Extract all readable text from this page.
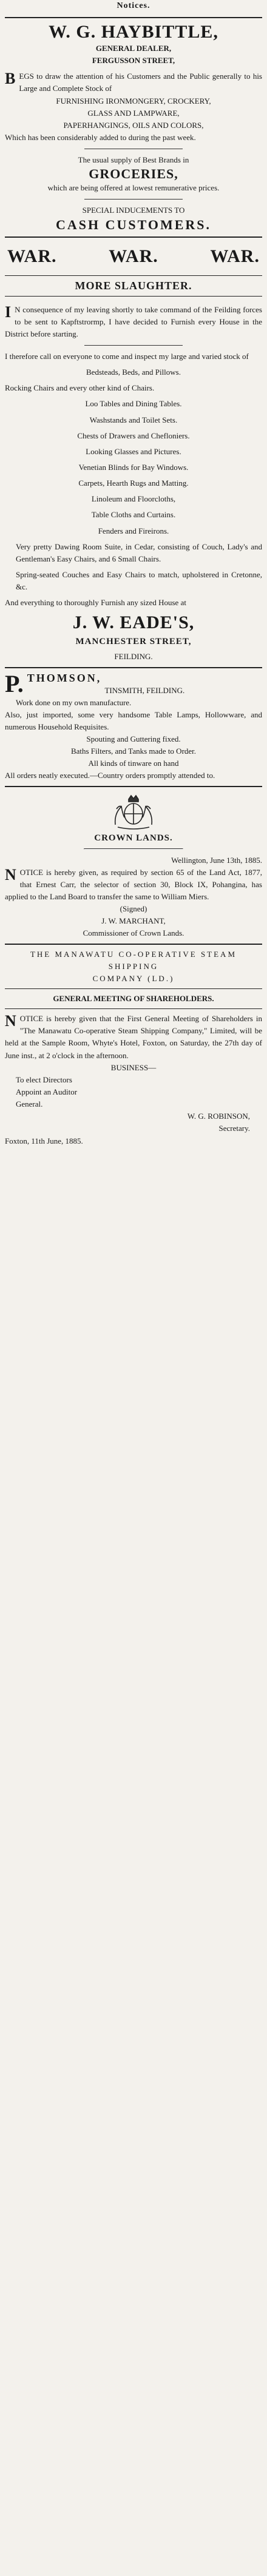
Notices.
W. G. HAYBITTLE,
GENERAL DEALER,
FERGUSSON STREET,

B EGS to draw the attention of his Customers and the Public generally to his Large and Complete Stock of

FURNISHING IRONMONGERY, CROCKERY,
GLASS AND LAMPWARE,
PAPERHANGINGS, OILS AND COLORS,

Which has been considerably added to during the past week.

The usual supply of Best Brands in

GROCERIES,

which are being offered at lowest remunerative prices.

SPECIAL INDUCEMENTS TO
CASH CUSTOMERS.
WAR.	WAR.	WAR.
MORE SLAUGHTER.

I N consequence of my leaving shortly to take command of the Feilding forces to be sent to Kapftstrormp, I have decided to Furnish every House in the District before starting.

I therefore call on everyone to come and inspect my large and varied stock of

Bedsteads, Beds, and Pillows.
Rocking Chairs and every other kind of Chairs.
Loo Tables and Dining Tables.
Washstands and Toilet Sets.
Chests of Drawers and Chefloniers.
Looking Glasses and Pictures.
Venetian Blinds for Bay Windows.
Carpets, Hearth Rugs and Matting.
Linoleum and Floorcloths,
Table Cloths and Curtains.
Fenders and Fireirons.

Very pretty Dawing Room Suite, in Cedar, consisting of Couch, Lady's and Gentleman's Easy Chairs, and 6 Small Chairs.

Spring-seated Couches and Easy Chairs to match, upholstered in Cretonne, &c.

And everything to thoroughly Furnish any sized House at

J. W. EADE'S,
MANCHESTER STREET,
FEILDING.
P. THOMSON,
TINSMITH, FEILDING.

Work done on my own manufacture.

Also, just imported, some very handsome Table Lamps, Hollowware, and numerous Household Requisites.

Spouting and Guttering fixed.

Baths Filters, and Tanks made to Order.

All kinds of tinware on hand

All orders neatly executed.—Country orders promptly attended to.

CROWN LANDS.

Wellington, June 13th, 1885.

N OTICE is hereby given, as required by section 65 of the Land Act, 1877, that Ernest Carr, the selector of section 30, Block IX, Pohangina, has applied to the Land Board to transfer the same to William Miers.

(Signed)

J. W. MARCHANT,

Commissioner of Crown Lands.

THE MANAWATU CO-OPERATIVE STEAM SHIPPING
COMPANY (LD.)
GENERAL MEETING OF SHAREHOLDERS.

N OTICE is hereby given that the First General Meeting of Shareholders in "The Manawatu Co-operative Steam Shipping Company," Limited, will be held at the Sample Room, Whyte's Hotel, Foxton, on Saturday, the 27th day of June inst., at 2 o'clock in the afternoon.

BUSINESS—

To elect Directors

Appoint an Auditor

General.

W. G. ROBINSON,

Secretary.

Foxton, 11th June, 1885.
